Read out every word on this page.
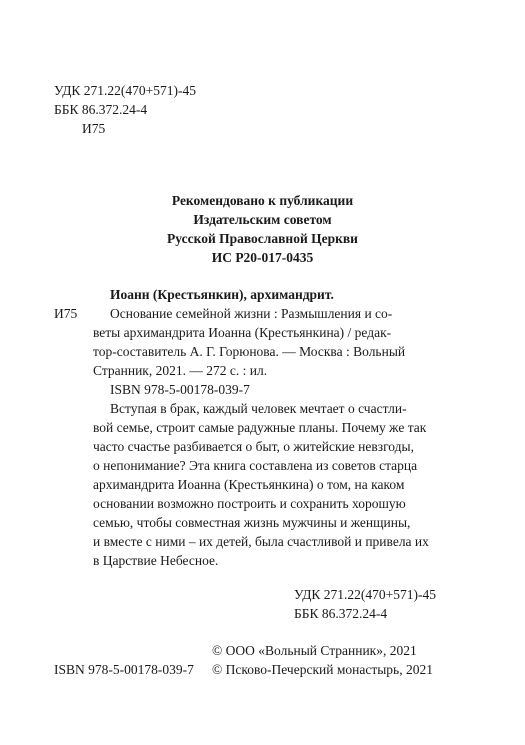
УДК 271.22(470+571)-45
ББК 86.372.24-4
И75
Рекомендовано к публикации
Издательским советом
Русской Православной Церкви
ИС Р20-017-0435
Иоанн (Крестьянкин), архимандрит.
И75 Основание семейной жизни : Размышления и со-
веты архимандрита Иоанна (Крестьянкина) / редак-
тор-составитель А. Г. Горюнова. — Москва : Вольный
Странник, 2021. — 272 с. : ил.
ISBN 978-5-00178-039-7
Вступая в брак, каждый человек мечтает о счастли-
вой семье, строит самые радужные планы. Почему же так
часто счастье разбивается о быт, о житейские невзгоды,
о непонимание? Эта книга составлена из советов старца
архимандрита Иоанна (Крестьянкина) о том, на каком
основании возможно построить и сохранить хорошую
семью, чтобы совместная жизнь мужчины и женщины,
и вместе с ними – их детей, была счастливой и привела их
в Царствие Небесное.
УДК 271.22(470+571)-45
ББК 86.372.24-4
© ООО «Вольный Странник», 2021
ISBN 978-5-00178-039-7 © Псково-Печерский монастырь, 2021
